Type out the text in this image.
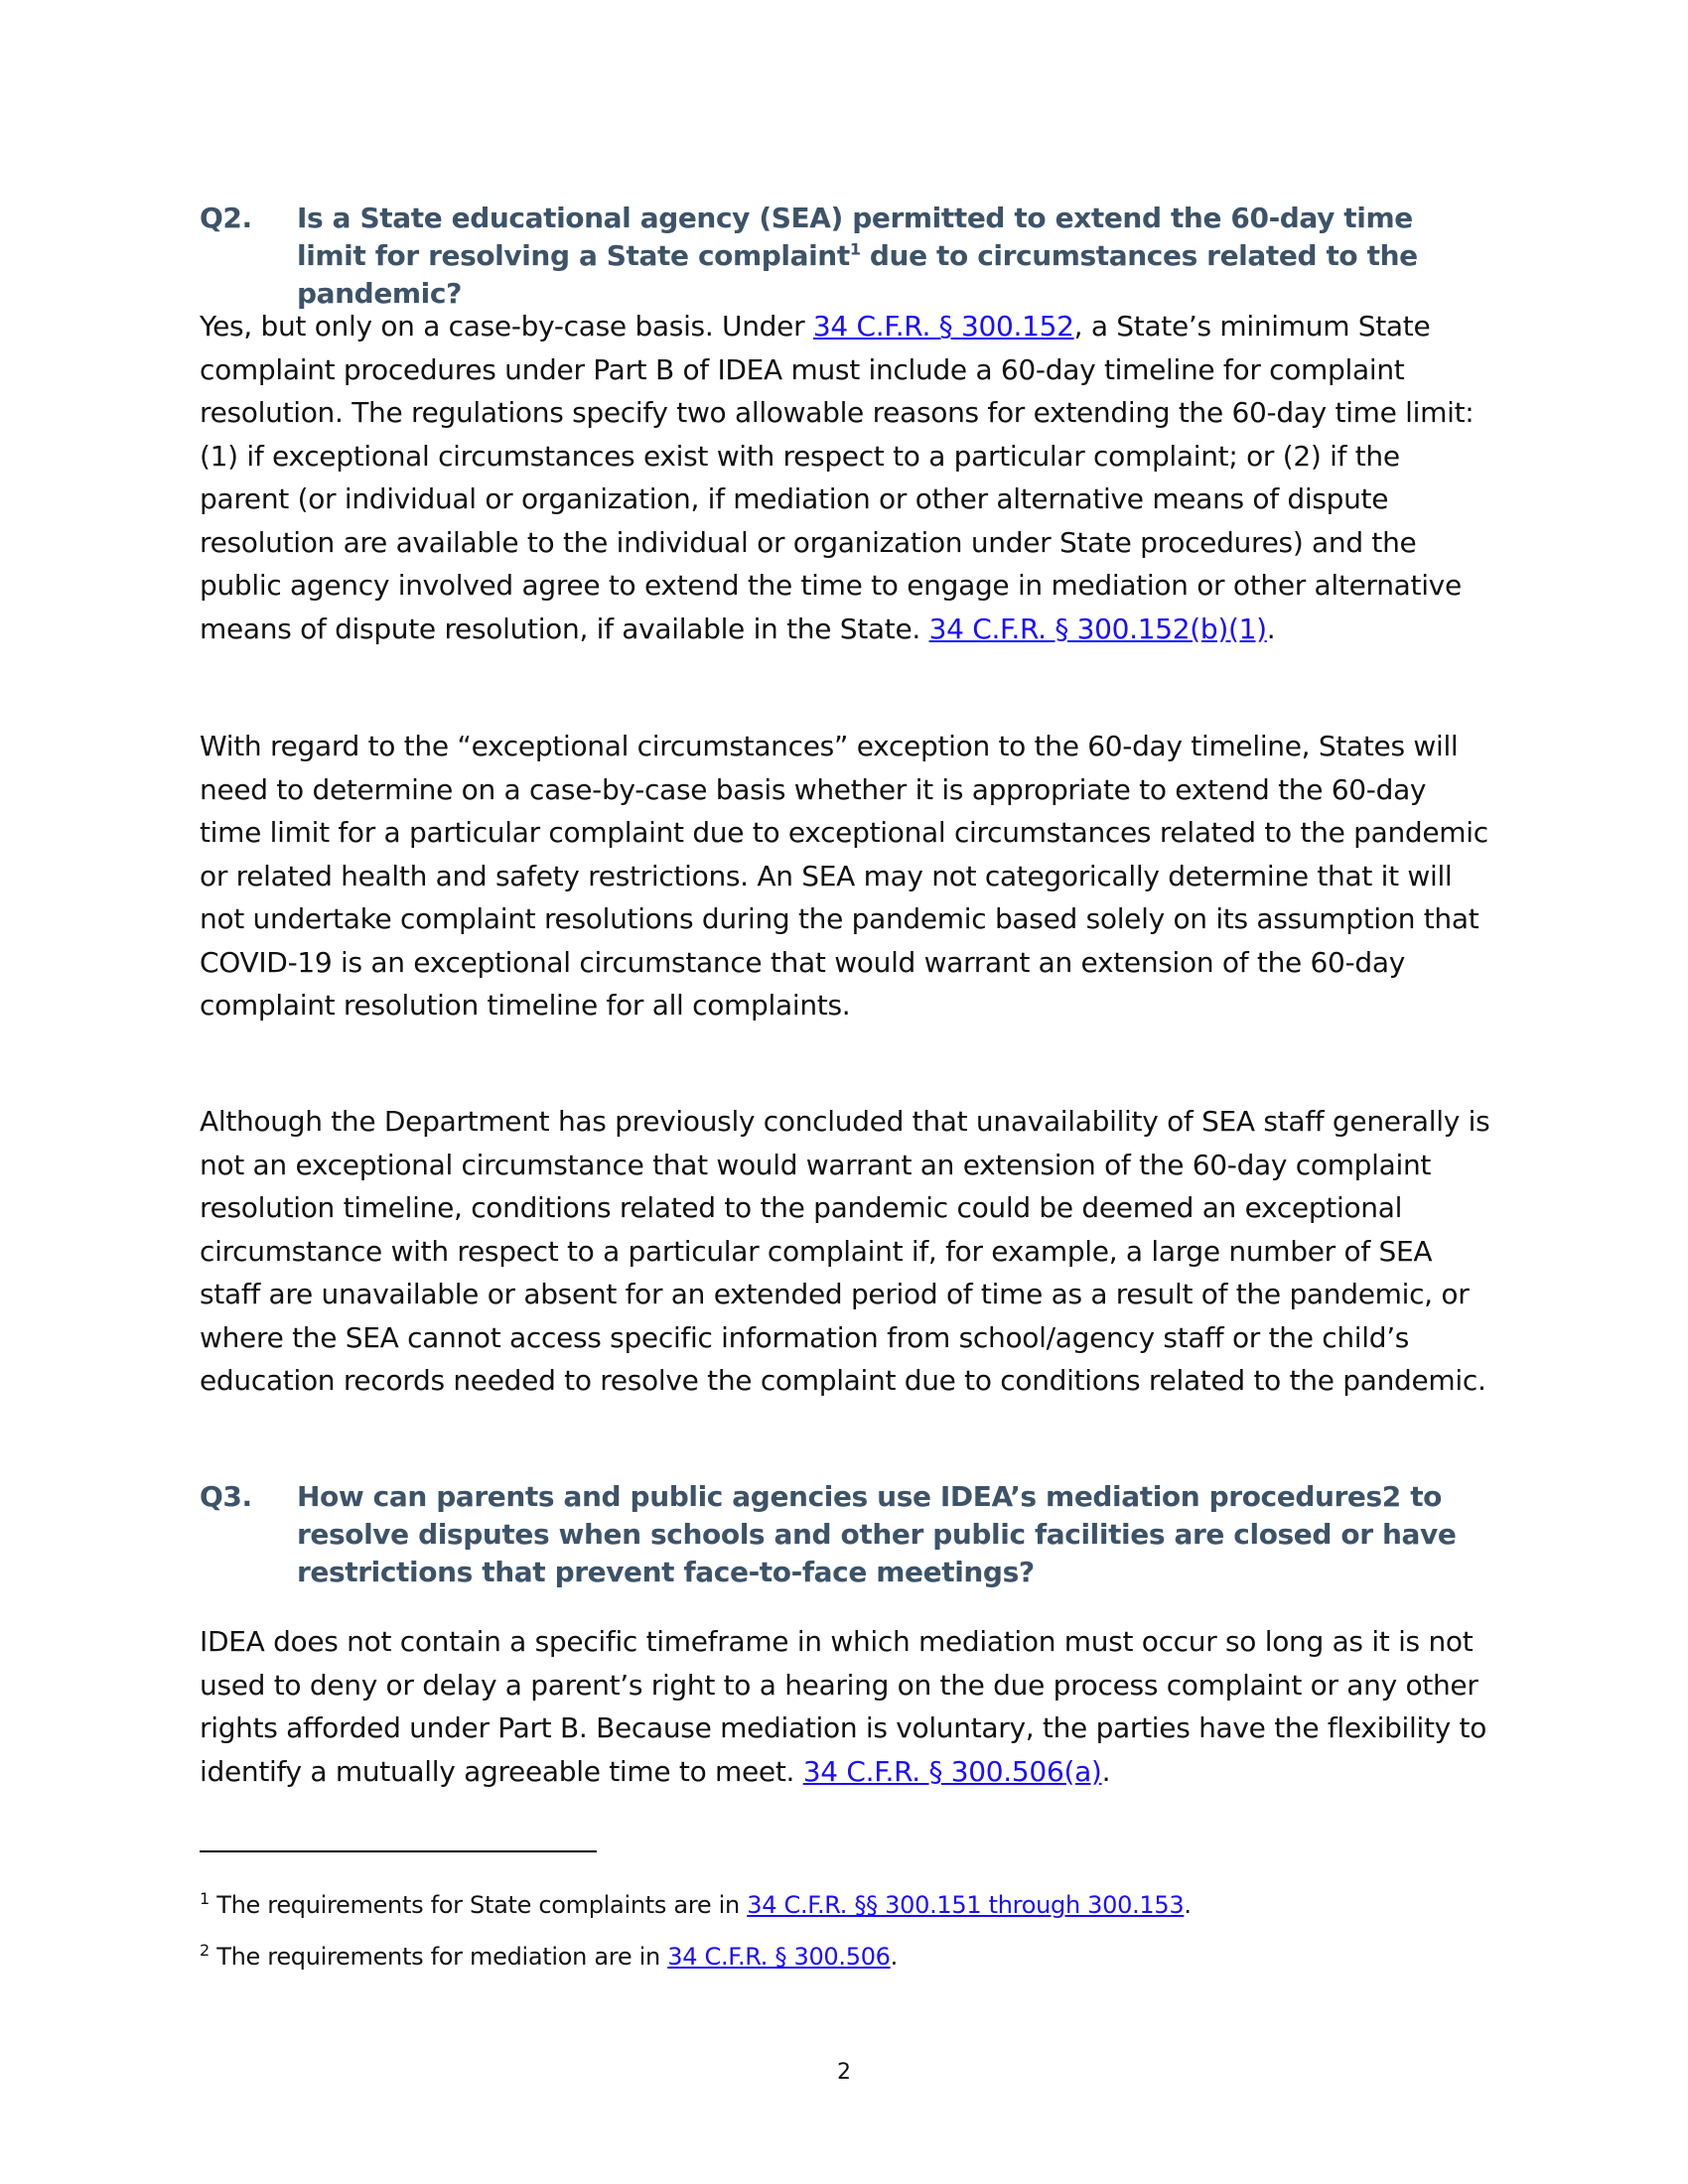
Q2.	Is a State educational agency (SEA) permitted to extend the 60-day time limit for resolving a State complaint$^1$ due to circumstances related to the pandemic?

Yes, but only on a case-by-case basis. Under 34 C.F.R. § 300.152, a State’s minimum State complaint procedures under Part B of IDEA must include a 60-day timeline for complaint resolution. The regulations specify two allowable reasons for extending the 60-day time limit: (1) if exceptional circumstances exist with respect to a particular complaint; or (2) if the parent (or individual or organization, if mediation or other alternative means of dispute resolution are available to the individual or organization under State procedures) and the public agency involved agree to extend the time to engage in mediation or other alternative means of dispute resolution, if available in the State. 34 C.F.R. § 300.152(b)(1).

With regard to the “exceptional circumstances” exception to the 60-day timeline, States will need to determine on a case-by-case basis whether it is appropriate to extend the 60-day time limit for a particular complaint due to exceptional circumstances related to the pandemic or related health and safety restrictions. An SEA may not categorically determine that it will not undertake complaint resolutions during the pandemic based solely on its assumption that COVID-19 is an exceptional circumstance that would warrant an extension of the 60-day complaint resolution timeline for all complaints.

Although the Department has previously concluded that unavailability of SEA staff generally is not an exceptional circumstance that would warrant an extension of the 60-day complaint resolution timeline, conditions related to the pandemic could be deemed an exceptional circumstance with respect to a particular complaint if, for example, a large number of SEA staff are unavailable or absent for an extended period of time as a result of the pandemic, or where the SEA cannot access specific information from school/agency staff or the child’s education records needed to resolve the complaint due to conditions related to the pandemic.

Q3.	How can parents and public agencies use IDEA’s mediation procedures2 to resolve disputes when schools and other public facilities are closed or have restrictions that prevent face-to-face meetings?

IDEA does not contain a specific timeframe in which mediation must occur so long as it is not used to deny or delay a parent’s right to a hearing on the due process complaint or any other rights afforded under Part B. Because mediation is voluntary, the parties have the flexibility to identify a mutually agreeable time to meet. 34 C.F.R. § 300.506(a).

$^1$ The requirements for State complaints are in 34 C.F.R. §§ 300.151 through 300.153.

$^2$ The requirements for mediation are in 34 C.F.R. § 300.506.

2
